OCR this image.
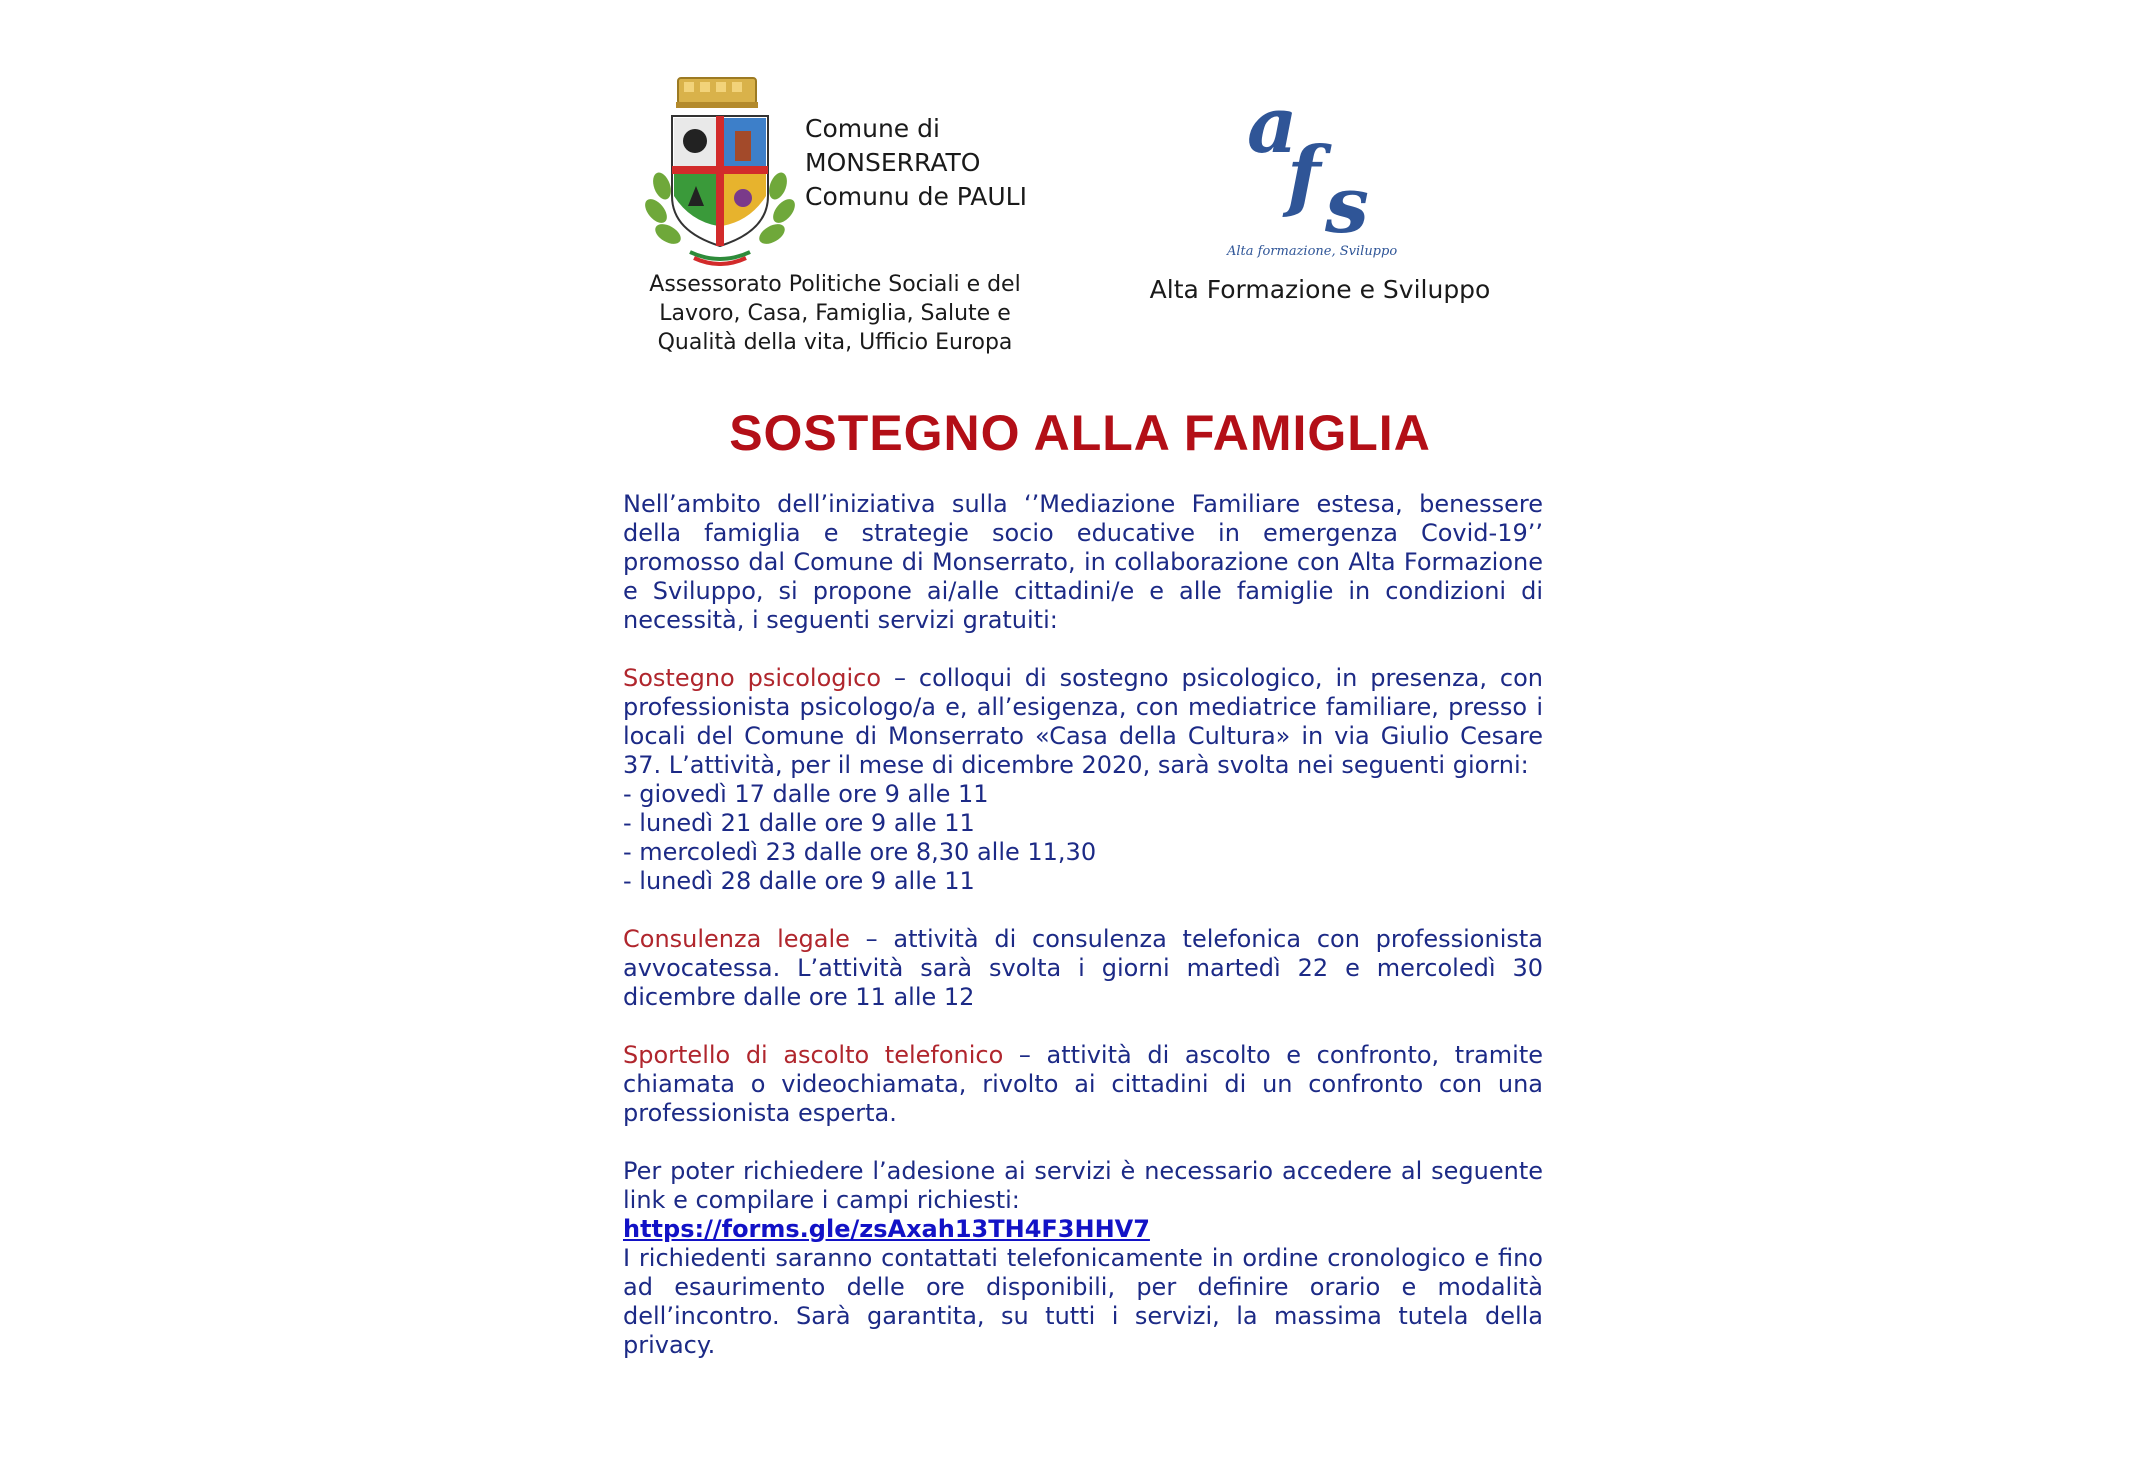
Comune di
MONSERRATO
Comunu de PAULI
Assessorato Politiche Sociali e del
Lavoro, Casa, Famiglia, Salute e
Qualità della vita, Ufficio Europa
a
f s
Alta formazione, Sviluppo
Alta Formazione e Sviluppo
SOSTEGNO ALLA FAMIGLIA

Nell’ambito dell’iniziativa sulla ‘’Mediazione Familiare estesa, benessere della famiglia e strategie socio educative in emergenza Covid-19’’ promosso dal Comune di Monserrato, in collaborazione con Alta Formazione e Sviluppo, si propone ai/alle cittadini/e e alle famiglie in condizioni di necessità, i seguenti servizi gratuiti:

Sostegno psicologico – colloqui di sostegno psicologico, in presenza, con professionista psicologo/a e, all’esigenza, con mediatrice familiare, presso i locali del Comune di Monserrato «Casa della Cultura» in via Giulio Cesare 37. L’attività, per il mese di dicembre 2020, sarà svolta nei seguenti giorni:

- giovedì 17 dalle ore 9 alle 11
- lunedì 21 dalle ore 9 alle 11
- mercoledì 23 dalle ore 8,30 alle 11,30
- lunedì 28 dalle ore 9 alle 11

Consulenza legale – attività di consulenza telefonica con professionista avvocatessa. L’attività sarà svolta i giorni martedì 22 e mercoledì 30 dicembre dalle ore 11 alle 12

Sportello di ascolto telefonico – attività di ascolto e confronto, tramite chiamata o videochiamata, rivolto ai cittadini di un confronto con una professionista esperta.

Per poter richiedere l’adesione ai servizi è necessario accedere al seguente link e compilare i campi richiesti:

https://forms.gle/zsAxah13TH4F3HHV7

I richiedenti saranno contattati telefonicamente in ordine cronologico e fino ad esaurimento delle ore disponibili, per definire orario e modalità dell’incontro. Sarà garantita, su tutti i servizi, la massima tutela della privacy.
